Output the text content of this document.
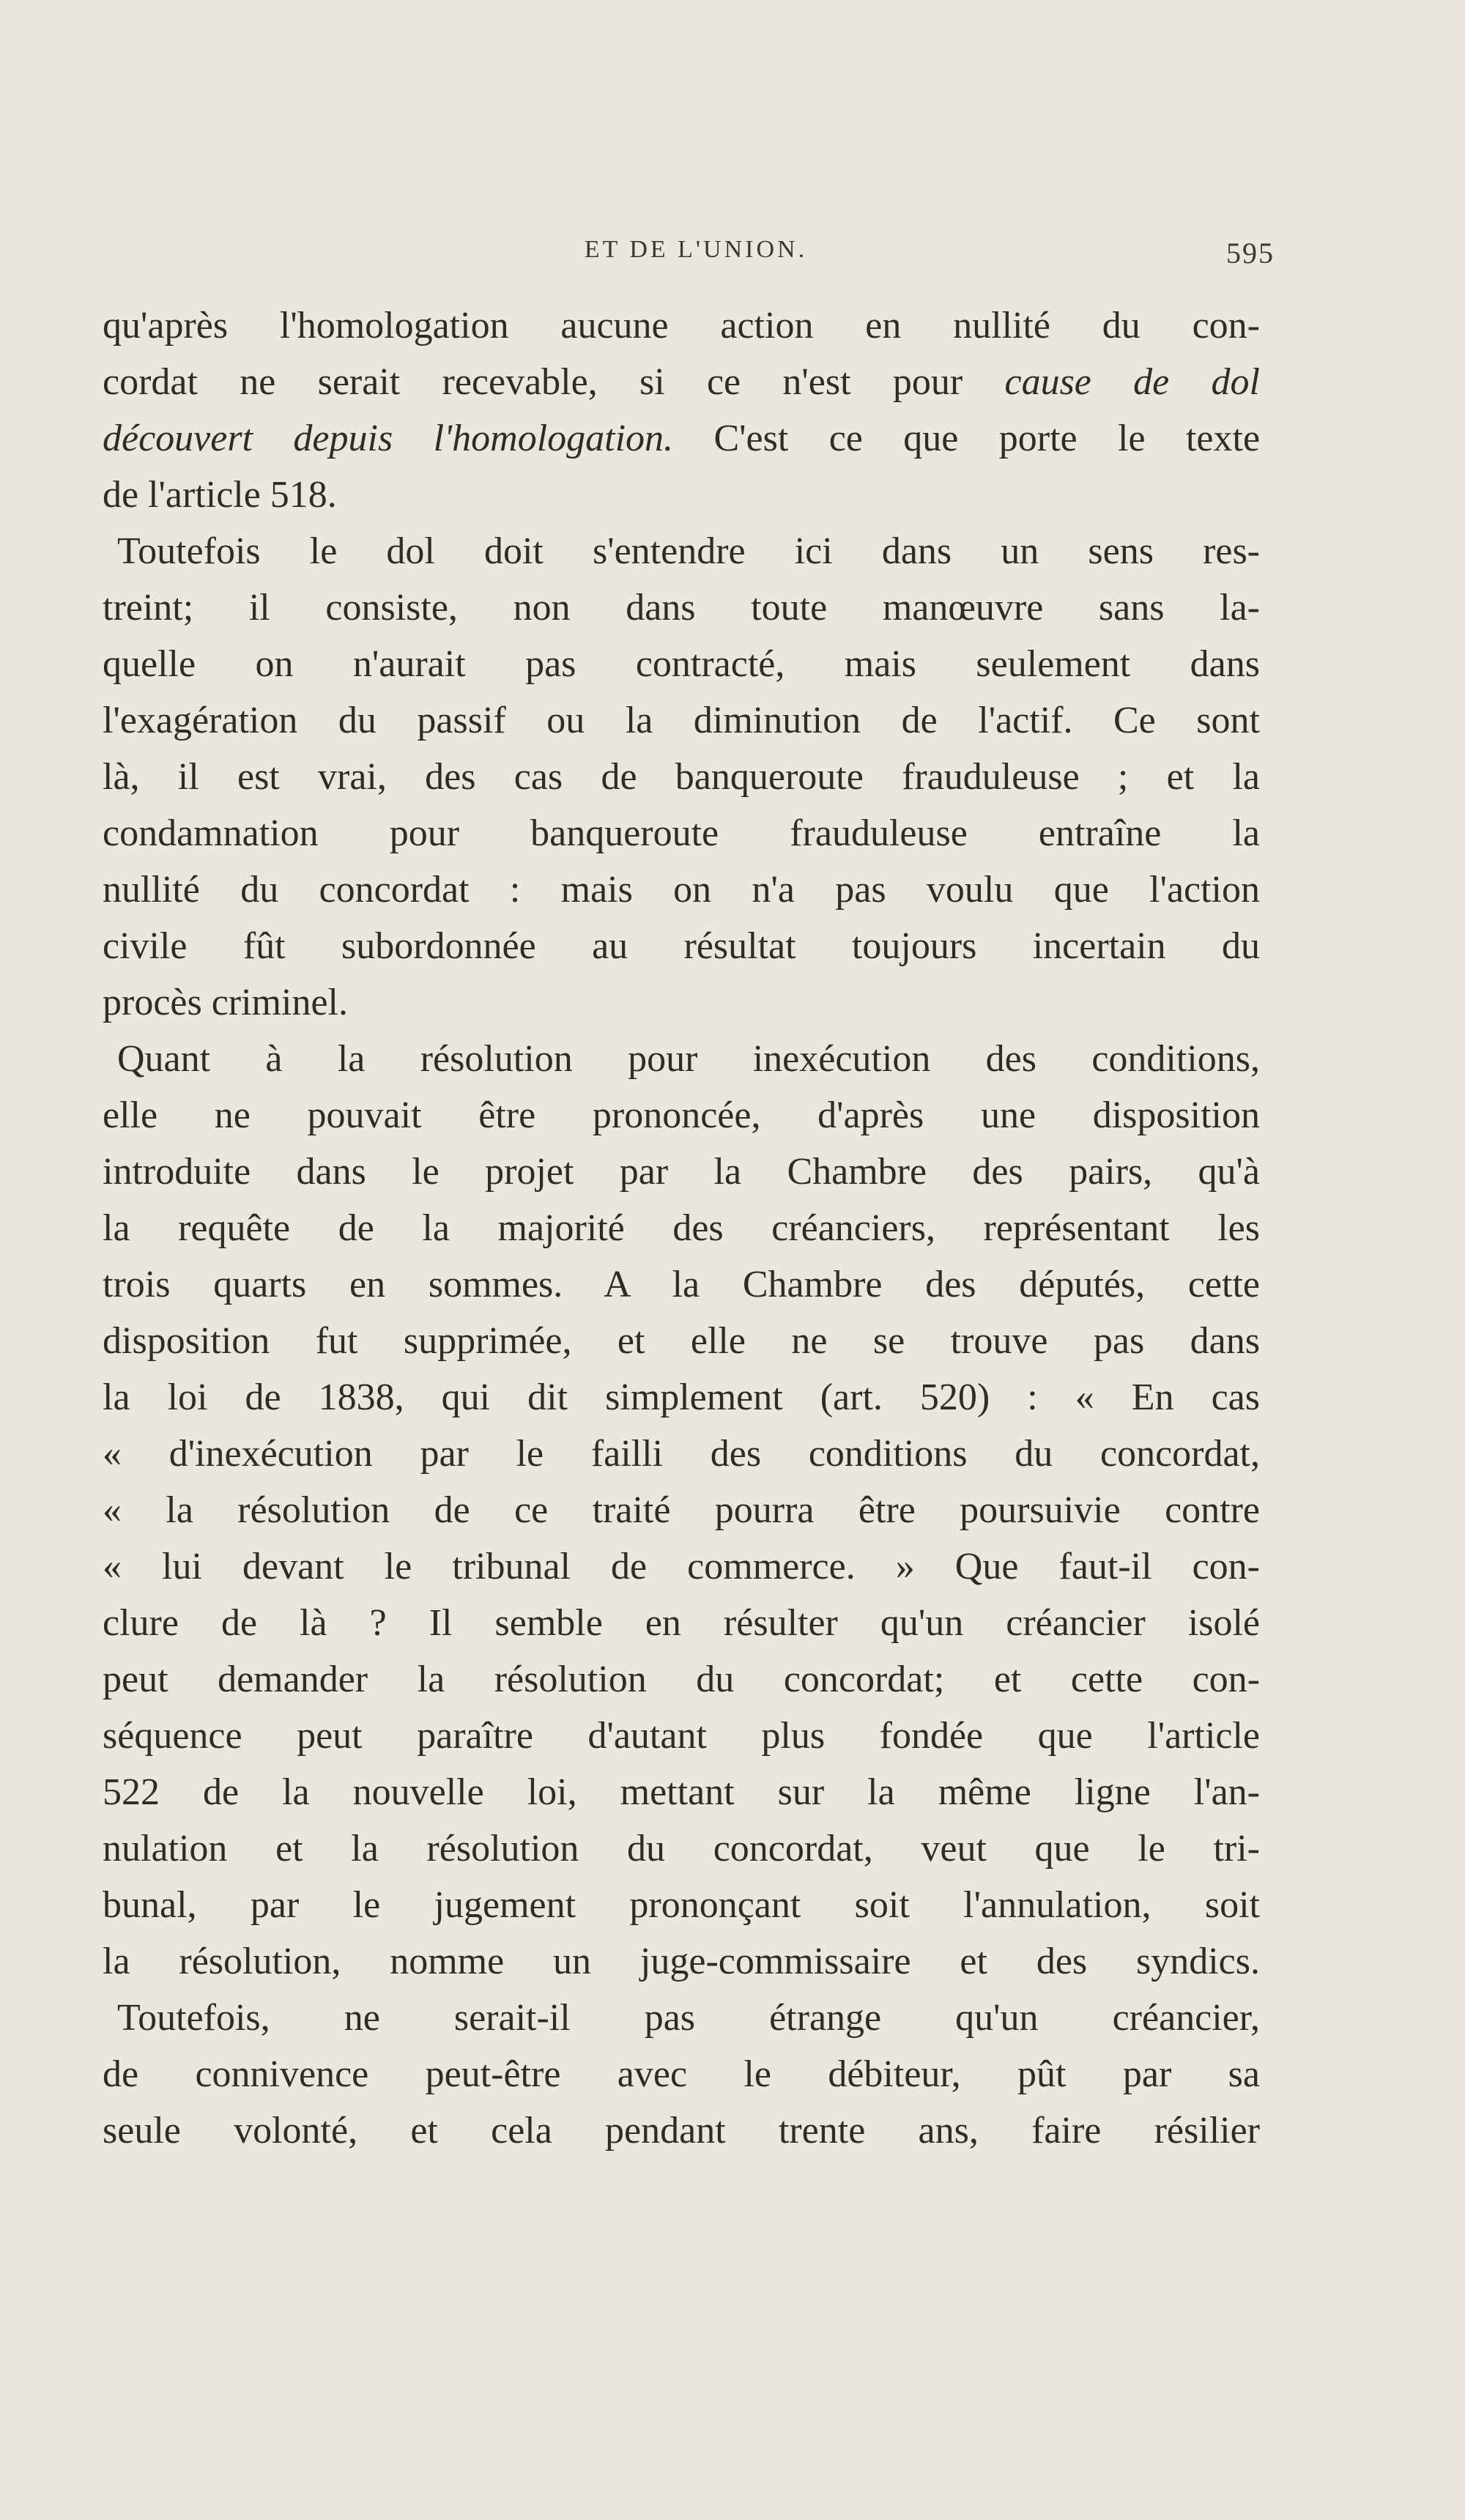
ET DE L'UNION.	595
qu'après l'homologation aucune action en nullité du con-
cordat ne serait recevable, si ce n'est pour cause de dol
découvert depuis l'homologation. C'est ce que porte le texte
de l'article 518.
Toutefois le dol doit s'entendre ici dans un sens res-
treint; il consiste, non dans toute manœuvre sans la-
quelle on n'aurait pas contracté, mais seulement dans
l'exagération du passif ou la diminution de l'actif. Ce sont
là, il est vrai, des cas de banqueroute frauduleuse ; et la
condamnation pour banqueroute frauduleuse entraîne la
nullité du concordat : mais on n'a pas voulu que l'action
civile fût subordonnée au résultat toujours incertain du
procès criminel.
Quant à la résolution pour inexécution des conditions,
elle ne pouvait être prononcée, d'après une disposition
introduite dans le projet par la Chambre des pairs, qu'à
la requête de la majorité des créanciers, représentant les
trois quarts en sommes. A la Chambre des députés, cette
disposition fut supprimée, et elle ne se trouve pas dans
la loi de 1838, qui dit simplement (art. 520) : « En cas
« d'inexécution par le failli des conditions du concordat,
« la résolution de ce traité pourra être poursuivie contre
« lui devant le tribunal de commerce. » Que faut-il con-
clure de là ? Il semble en résulter qu'un créancier isolé
peut demander la résolution du concordat; et cette con-
séquence peut paraître d'autant plus fondée que l'article
522 de la nouvelle loi, mettant sur la même ligne l'an-
nulation et la résolution du concordat, veut que le tri-
bunal, par le jugement prononçant soit l'annulation, soit
la résolution, nomme un juge-commissaire et des syndics.
Toutefois, ne serait-il pas étrange qu'un créancier,
de connivence peut-être avec le débiteur, pût par sa
seule volonté, et cela pendant trente ans, faire résilier
